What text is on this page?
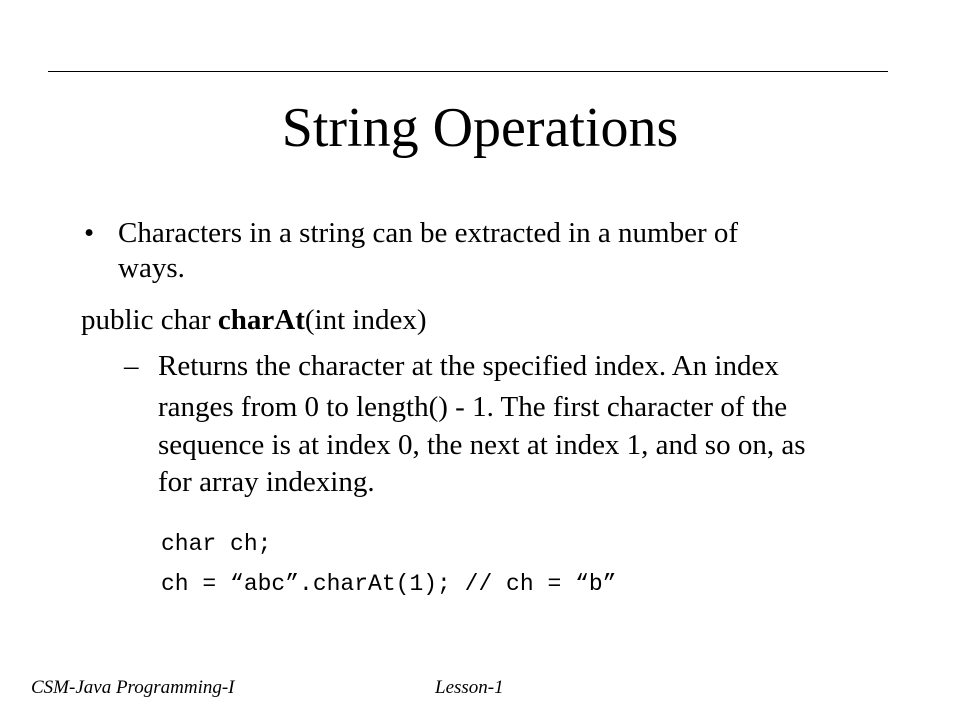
String Operations
• Characters in a string can be extracted in a number of
ways.
public char charAt(int index)
– Returns the character at the specified index. An index
ranges from 0 to length() - 1. The first character of the
sequence is at index 0, the next at index 1, and so on, as
for array indexing.
char ch;
ch = “abc”.charAt(1); // ch = “b”
CSM-Java Programming-I	Lesson-1
